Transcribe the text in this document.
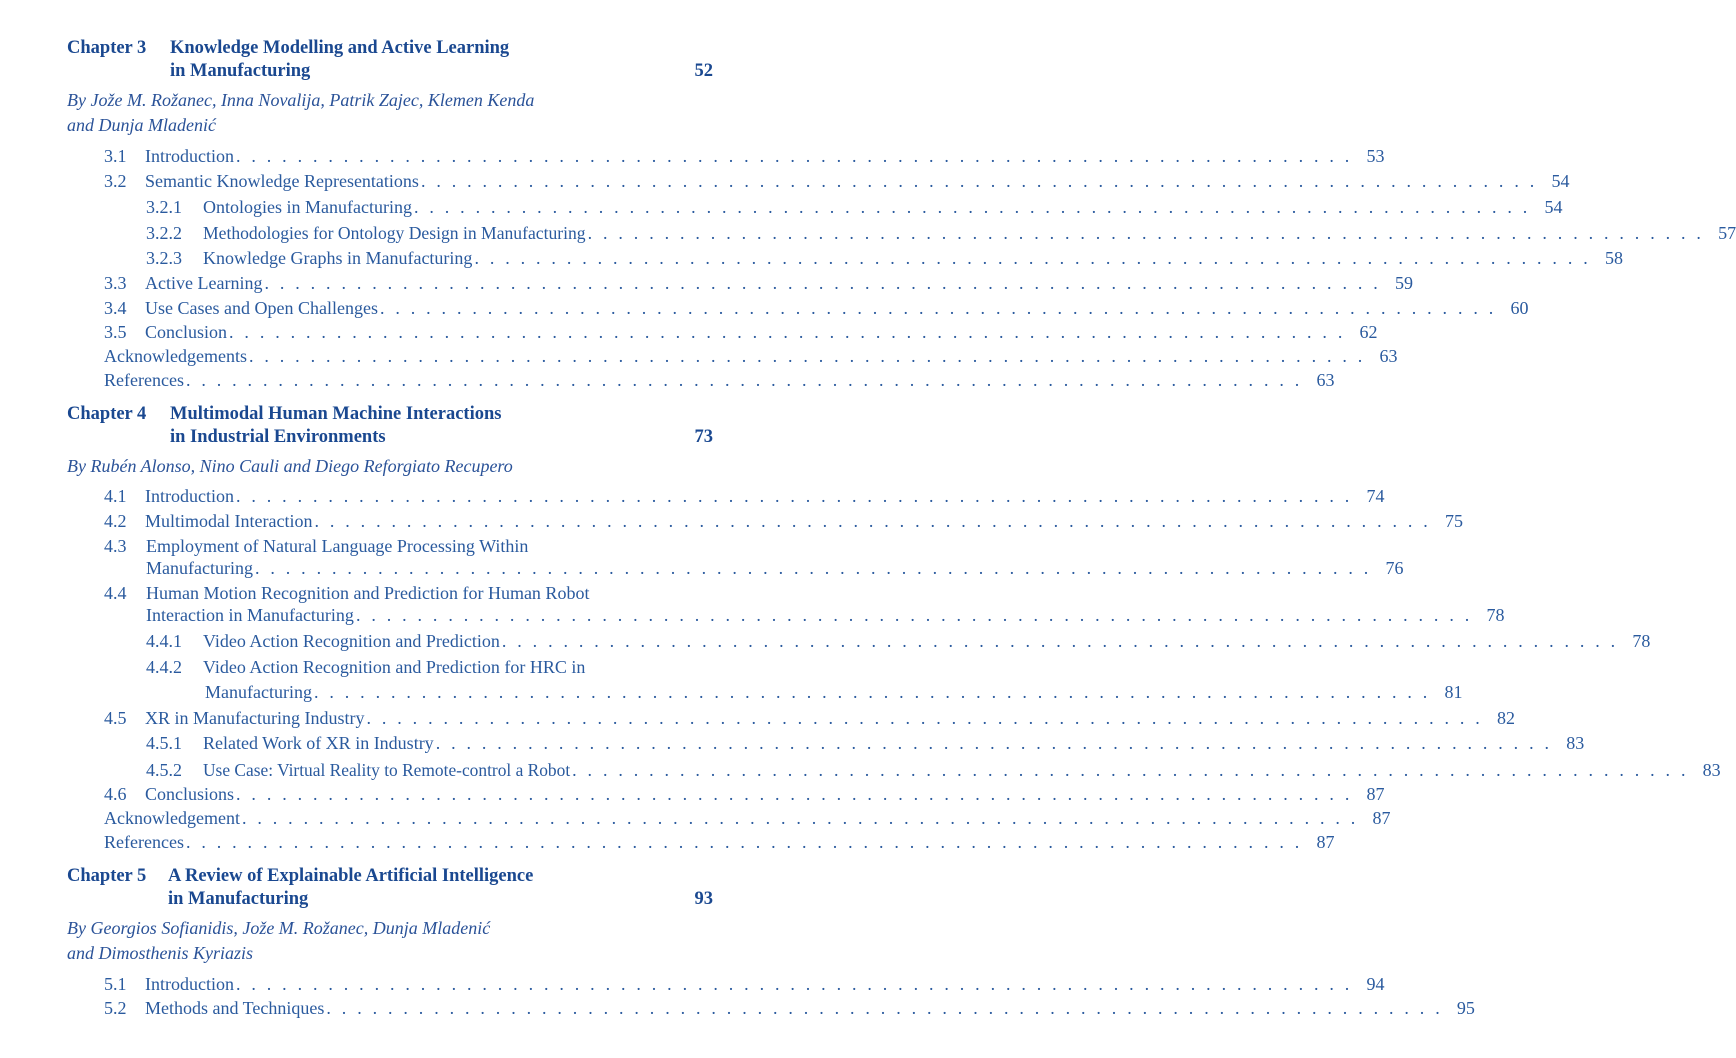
Chapter 3 Knowledge Modelling and Active Learning
in Manufacturing	52
By Jože M. Rožanec, Inna Novalija, Patrik Zajec, Klemen Kenda
and Dunja Mladenić
3.1	Introduction . . . . . . . . . . . . . . . . . . . . . . . . . . . . . . . . . . . . . . . . . . . . . . . . . . . . . . . . . . . . . . . . . . . . . . . . . 53
3.2	Semantic Knowledge Representations . . . . . . . . . . . . . . . . . . . . . . . . . . . . . . . . . . . . . . . . . . . . . . . . . . . . . . . . . . . . . . . . . . . . . . . . . 54
3.2.1	Ontologies in Manufacturing . . . . . . . . . . . . . . . . . . . . . . . . . . . . . . . . . . . . . . . . . . . . . . . . . . . . . . . . . . . . . . . . . . . . . . . . . 54
3.2.2	Methodologies for Ontology Design in Manufacturing . . . . . . . . . . . . . . . . . . . . . . . . . . . . . . . . . . . . . . . . . . . . . . . . . . . . . . . . . . . . . . . . . . . . . . . . . 57
3.2.3	Knowledge Graphs in Manufacturing . . . . . . . . . . . . . . . . . . . . . . . . . . . . . . . . . . . . . . . . . . . . . . . . . . . . . . . . . . . . . . . . . . . . . . . . . 58
3.3	Active Learning . . . . . . . . . . . . . . . . . . . . . . . . . . . . . . . . . . . . . . . . . . . . . . . . . . . . . . . . . . . . . . . . . . . . . . . . . 59
3.4	Use Cases and Open Challenges . . . . . . . . . . . . . . . . . . . . . . . . . . . . . . . . . . . . . . . . . . . . . . . . . . . . . . . . . . . . . . . . . . . . . . . . . 60
3.5	Conclusion . . . . . . . . . . . . . . . . . . . . . . . . . . . . . . . . . . . . . . . . . . . . . . . . . . . . . . . . . . . . . . . . . . . . . . . . . 62
Acknowledgements . . . . . . . . . . . . . . . . . . . . . . . . . . . . . . . . . . . . . . . . . . . . . . . . . . . . . . . . . . . . . . . . . . . . . . . . . 63
References . . . . . . . . . . . . . . . . . . . . . . . . . . . . . . . . . . . . . . . . . . . . . . . . . . . . . . . . . . . . . . . . . . . . . . . . . 63
Chapter 4 Multimodal Human Machine Interactions
in Industrial Environments	73
By Rubén Alonso, Nino Cauli and Diego Reforgiato Recupero
4.1	Introduction . . . . . . . . . . . . . . . . . . . . . . . . . . . . . . . . . . . . . . . . . . . . . . . . . . . . . . . . . . . . . . . . . . . . . . . . . 74
4.2	Multimodal Interaction . . . . . . . . . . . . . . . . . . . . . . . . . . . . . . . . . . . . . . . . . . . . . . . . . . . . . . . . . . . . . . . . . . . . . . . . . 75
4.3 Employment of Natural Language Processing Within
Manufacturing . . . . . . . . . . . . . . . . . . . . . . . . . . . . . . . . . . . . . . . . . . . . . . . . . . . . . . . . . . . . . . . . . . . . . . . . . 76
4.4 Human Motion Recognition and Prediction for Human Robot
Interaction in Manufacturing . . . . . . . . . . . . . . . . . . . . . . . . . . . . . . . . . . . . . . . . . . . . . . . . . . . . . . . . . . . . . . . . . . . . . . . . . 78
4.4.1	Video Action Recognition and Prediction . . . . . . . . . . . . . . . . . . . . . . . . . . . . . . . . . . . . . . . . . . . . . . . . . . . . . . . . . . . . . . . . . . . . . . . . . 78
4.4.2 Video Action Recognition and Prediction for HRC in
Manufacturing . . . . . . . . . . . . . . . . . . . . . . . . . . . . . . . . . . . . . . . . . . . . . . . . . . . . . . . . . . . . . . . . . . . . . . . . . 81
4.5	XR in Manufacturing Industry . . . . . . . . . . . . . . . . . . . . . . . . . . . . . . . . . . . . . . . . . . . . . . . . . . . . . . . . . . . . . . . . . . . . . . . . . 82
4.5.1	Related Work of XR in Industry . . . . . . . . . . . . . . . . . . . . . . . . . . . . . . . . . . . . . . . . . . . . . . . . . . . . . . . . . . . . . . . . . . . . . . . . . 83
4.5.2	Use Case: Virtual Reality to Remote-control a Robot . . . . . . . . . . . . . . . . . . . . . . . . . . . . . . . . . . . . . . . . . . . . . . . . . . . . . . . . . . . . . . . . . . . . . . . . . 83
4.6	Conclusions . . . . . . . . . . . . . . . . . . . . . . . . . . . . . . . . . . . . . . . . . . . . . . . . . . . . . . . . . . . . . . . . . . . . . . . . . 87
Acknowledgement . . . . . . . . . . . . . . . . . . . . . . . . . . . . . . . . . . . . . . . . . . . . . . . . . . . . . . . . . . . . . . . . . . . . . . . . . 87
References . . . . . . . . . . . . . . . . . . . . . . . . . . . . . . . . . . . . . . . . . . . . . . . . . . . . . . . . . . . . . . . . . . . . . . . . . 87
Chapter 5 A Review of Explainable Artificial Intelligence
in Manufacturing	93
By Georgios Sofianidis, Jože M. Rožanec, Dunja Mladenić
and Dimosthenis Kyriazis
5.1	Introduction . . . . . . . . . . . . . . . . . . . . . . . . . . . . . . . . . . . . . . . . . . . . . . . . . . . . . . . . . . . . . . . . . . . . . . . . . 94
5.2	Methods and Techniques . . . . . . . . . . . . . . . . . . . . . . . . . . . . . . . . . . . . . . . . . . . . . . . . . . . . . . . . . . . . . . . . . . . . . . . . . 95
